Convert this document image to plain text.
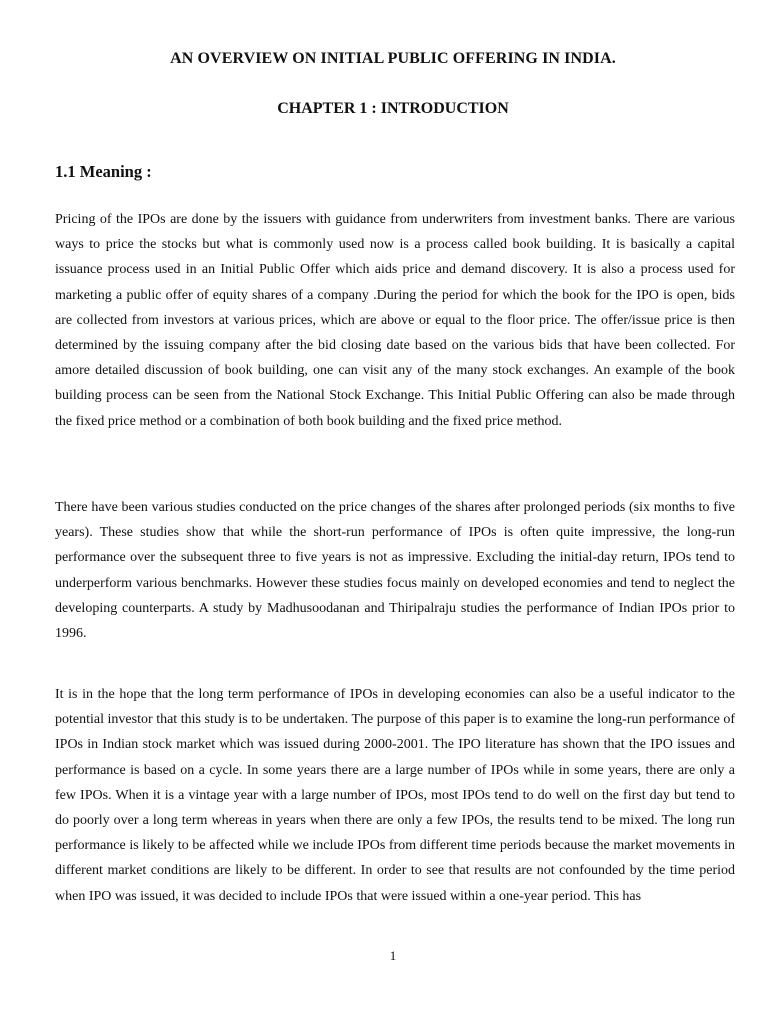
AN OVERVIEW ON INITIAL PUBLIC OFFERING IN INDIA.
CHAPTER 1 : INTRODUCTION
1.1 Meaning :

Pricing of the IPOs are done by the issuers with guidance from underwriters from investment banks. There are various ways to price the stocks but what is commonly used now is a process called book building. It is basically a capital issuance process used in an Initial Public Offer which aids price and demand discovery. It is also a process used for marketing a public offer of equity shares of a company .During the period for which the book for the IPO is open, bids are collected from investors at various prices, which are above or equal to the floor price. The offer/issue price is then determined by the issuing company after the bid closing date based on the various bids that have been collected. For amore detailed discussion of book building, one can visit any of the many stock exchanges. An example of the book building process can be seen from the National Stock Exchange. This Initial Public Offering can also be made through the fixed price method or a combination of both book building and the fixed price method.

There have been various studies conducted on the price changes of the shares after prolonged periods (six months to five years). These studies show that while the short-run performance of IPOs is often quite impressive, the long-run performance over the subsequent three to five years is not as impressive. Excluding the initial-day return, IPOs tend to underperform various benchmarks. However these studies focus mainly on developed economies and tend to neglect the developing counterparts. A study by Madhusoodanan and Thiripalraju studies the performance of Indian IPOs prior to 1996.

It is in the hope that the long term performance of IPOs in developing economies can also be a useful indicator to the potential investor that this study is to be undertaken. The purpose of this paper is to examine the long-run performance of IPOs in Indian stock market which was issued during 2000-2001. The IPO literature has shown that the IPO issues and performance is based on a cycle. In some years there are a large number of IPOs while in some years, there are only a few IPOs. When it is a vintage year with a large number of IPOs, most IPOs tend to do well on the first day but tend to do poorly over a long term whereas in years when there are only a few IPOs, the results tend to be mixed. The long run performance is likely to be affected while we include IPOs from different time periods because the market movements in different market conditions are likely to be different. In order to see that results are not confounded by the time period when IPO was issued, it was decided to include IPOs that were issued within a one-year period. This has

1
